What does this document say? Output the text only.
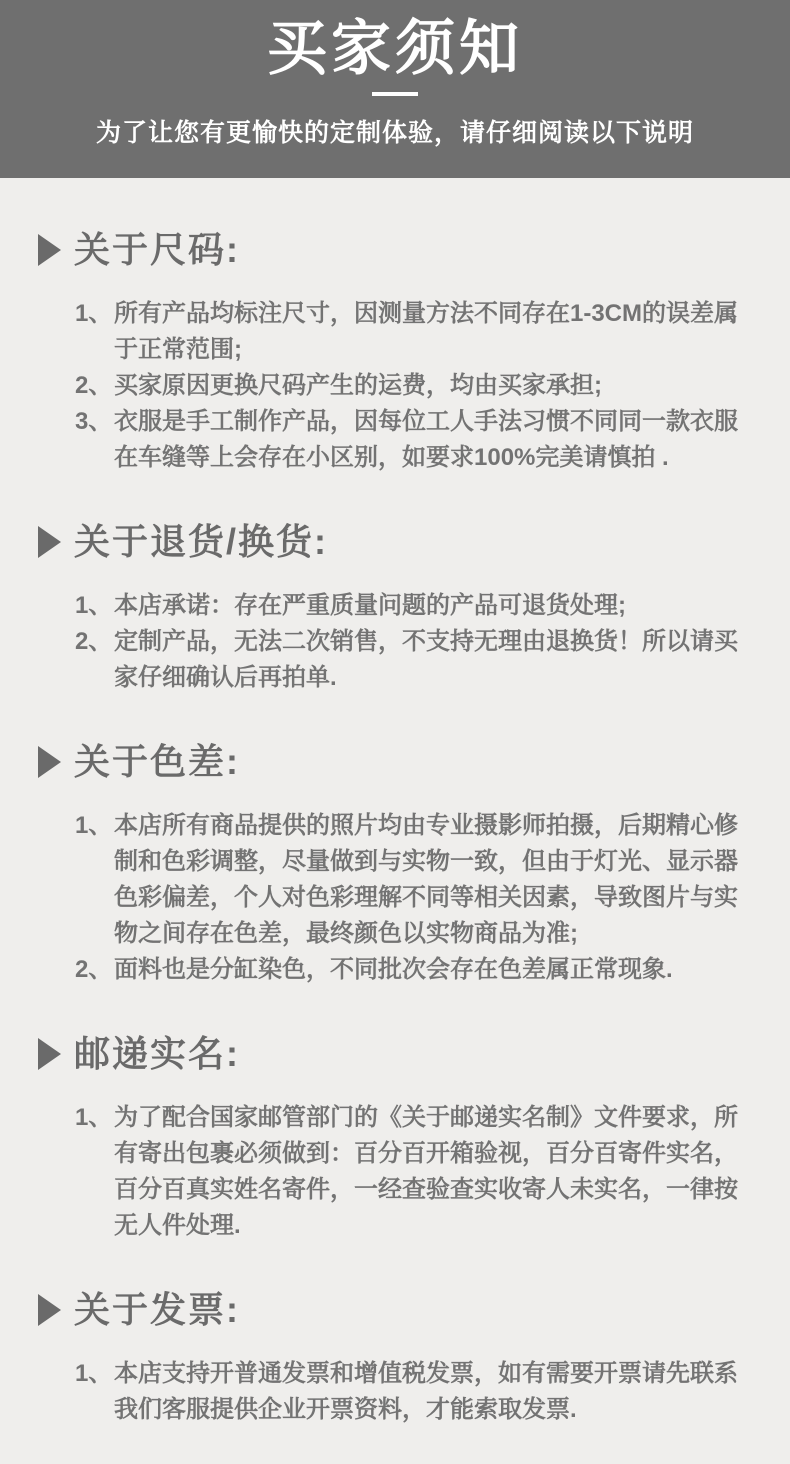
买家须知

为了让您有更愉快的定制体验，请仔细阅读以下说明

关于尺码:
1、 所有产品均标注尺寸，因测量方法不同存在1-3CM的误差属于正常范围;
2、 买家原因更换尺码产生的运费，均由买家承担;
3、 衣服是手工制作产品，因每位工人手法习惯不同同一款衣服在车缝等上会存在小区别，如要求100%完美请慎拍 .
关于退货/换货:
1、 本店承诺：存在严重质量问题的产品可退货处理;
2、 定制产品，无法二次销售，不支持无理由退换货！所以请买家仔细确认后再拍单.
关于色差:
1、 本店所有商品提供的照片均由专业摄影师拍摄，后期精心修制和色彩调整，尽量做到与实物一致，但由于灯光、显示器色彩偏差，个人对色彩理解不同等相关因素，导致图片与实物之间存在色差，最终颜色以实物商品为准;
2、 面料也是分缸染色，不同批次会存在色差属正常现象.
邮递实名:
1、 为了配合国家邮管部门的《关于邮递实名制》文件要求，所有寄出包裹必须做到：百分百开箱验视，百分百寄件实名，百分百真实姓名寄件，一经查验查实收寄人未实名，一律按无人件处理.
关于发票:
1、 本店支持开普通发票和增值税发票，如有需要开票请先联系我们客服提供企业开票资料，才能索取发票.
